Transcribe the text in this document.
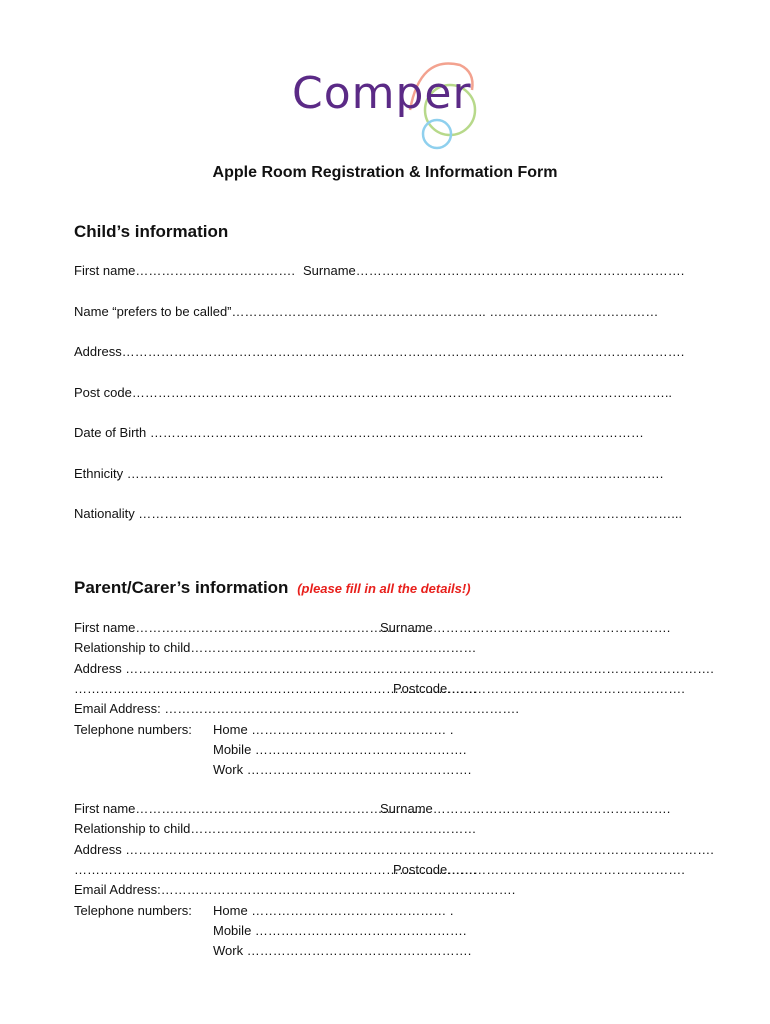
Comper
Apple Room Registration & Information Form
Child’s information
First name………………………………. Surname………………………………………………………………….
Name “prefers to be called”………………………………………………….. …………………………………
Address………………………………………………………………………………………………………………….
Post code……………………………………………………………………………………………………………..
Date of Birth ……………………………………………………………………………………………………
Ethnicity …………………………………………………………………………………………………………….
Nationality ……………………………………………………………………………………………………………...
Parent/Carer’s information (please fill in all the details!)
First name………………………………………………………….
Surname……………………………………………….
Relationship to child…………………………………………………………
Address ……………………………………………………………………………………………………………………….
…………………………………………………………………………………
Postcode……………………………………………….
Email Address: ……………………………………………………………………….
Telephone numbers: Home ……………………………………… .
Mobile ………………………………………….
Work …………………………………………….
First name………………………………………………………….
Surname……………………………………………….
Relationship to child…………………………………………………………
Address ……………………………………………………………………………………………………………………….
…………………………………………………………………………………
Postcode……………………………………………….
Email Address:……………………………………………………………………….
Telephone numbers: Home ……………………………………… .
Mobile ………………………………………….
Work …………………………………………….
